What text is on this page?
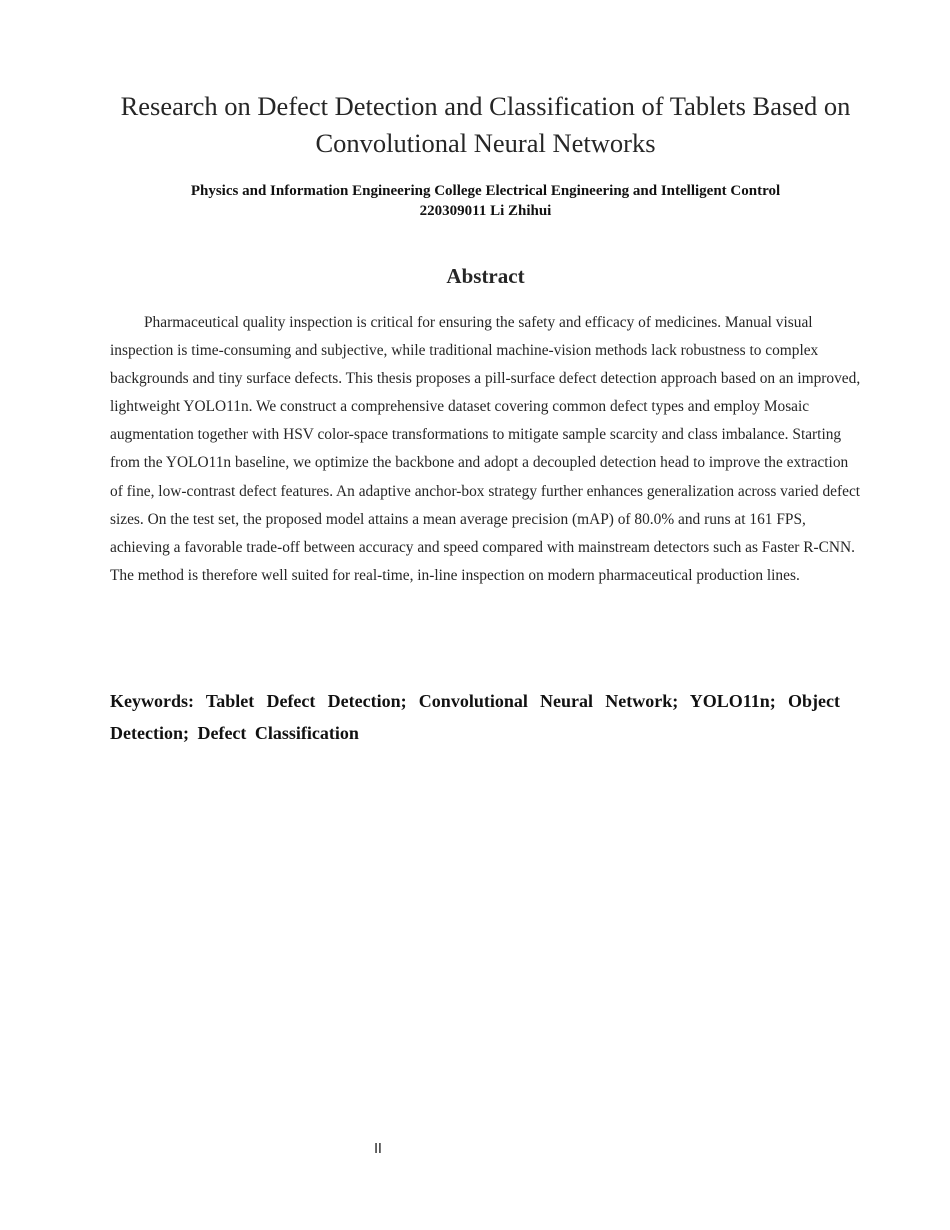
Research on Defect Detection and Classification of Tablets Based on Convolutional Neural Networks
Physics and Information Engineering College Electrical Engineering and Intelligent Control
220309011 Li Zhihui
Abstract

Pharmaceutical quality inspection is critical for ensuring the safety and efficacy of medicines. Manual visual inspection is time-consuming and subjective, while traditional machine-vision methods lack robustness to complex backgrounds and tiny surface defects. This thesis proposes a pill-surface defect detection approach based on an improved, lightweight YOLO11n. We construct a comprehensive dataset covering common defect types and employ Mosaic augmentation together with HSV color-space transformations to mitigate sample scarcity and class imbalance. Starting from the YOLO11n baseline, we optimize the backbone and adopt a decoupled detection head to improve the extraction of fine, low-contrast defect features. An adaptive anchor-box strategy further enhances generalization across varied defect sizes. On the test set, the proposed model attains a mean average precision (mAP) of 80.0% and runs at 161 FPS, achieving a favorable trade-off between accuracy and speed compared with mainstream detectors such as Faster R-CNN. The method is therefore well suited for real-time, in-line inspection on modern pharmaceutical production lines.

Keywords: Tablet Defect Detection; Convolutional Neural Network; YOLO11n; Object Detection; Defect Classification

II
